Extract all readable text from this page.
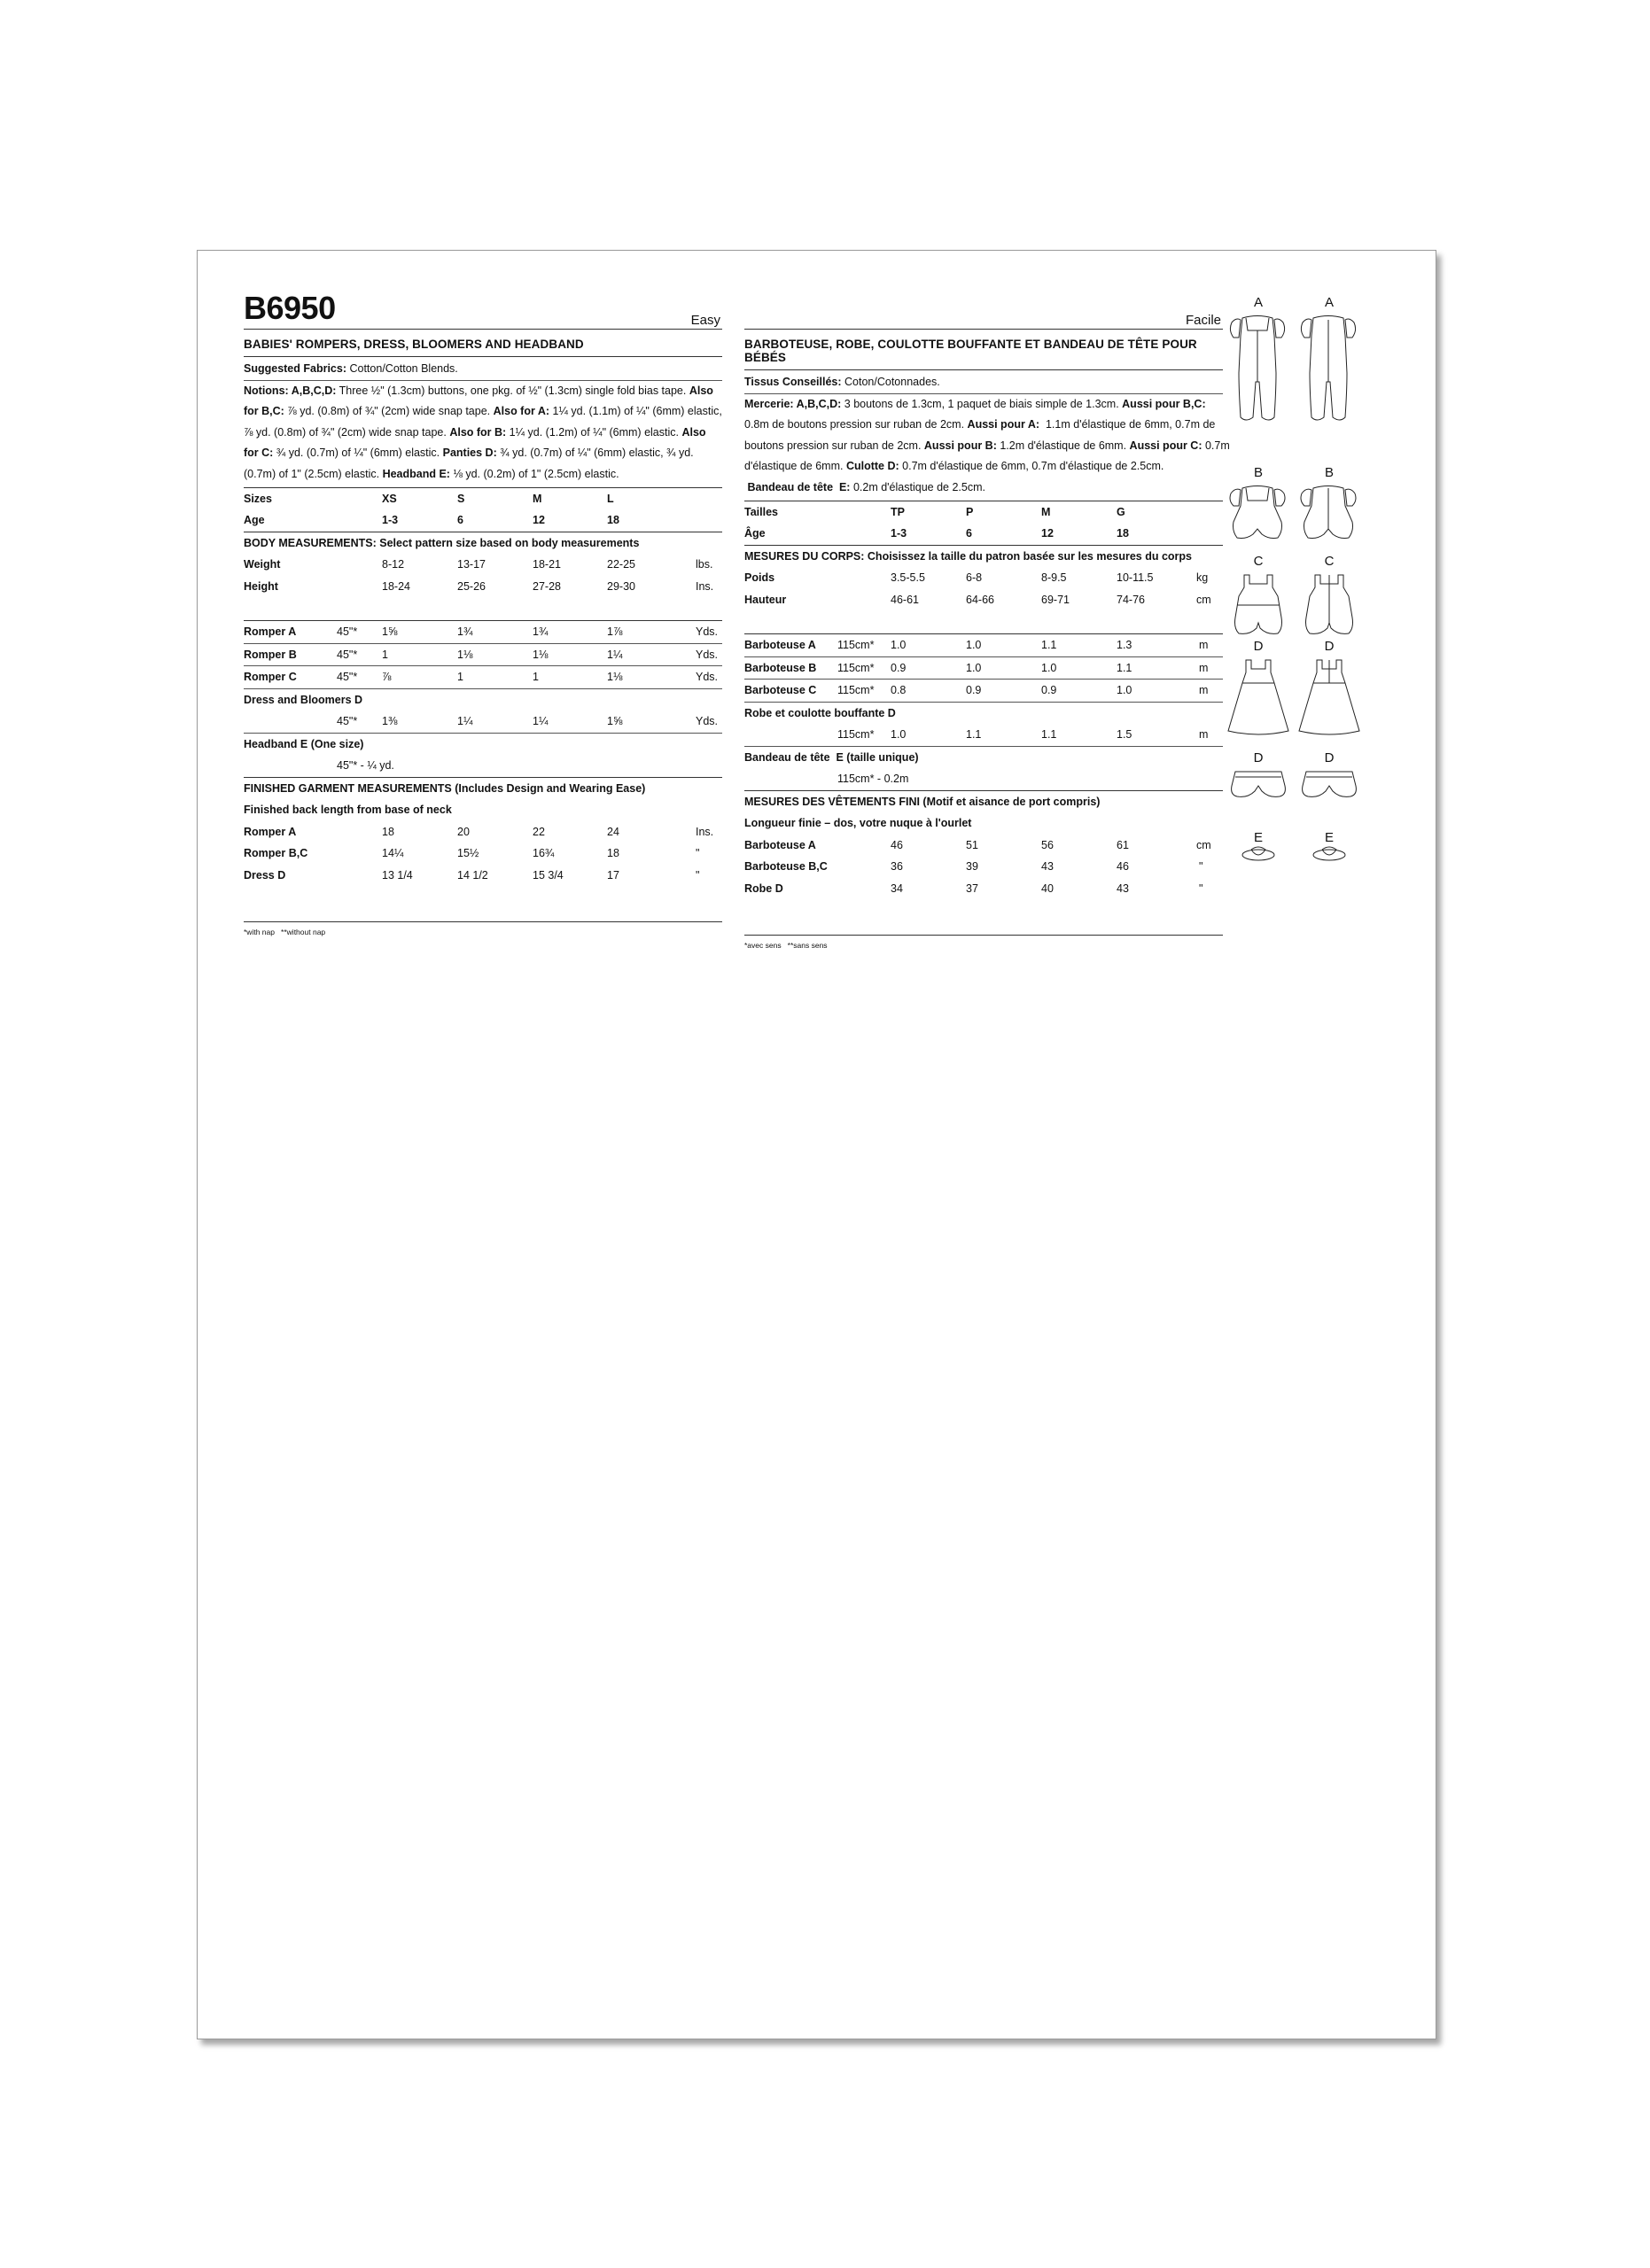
B6950	Easy
BABIES' ROMPERS, DRESS, BLOOMERS AND HEADBAND
Suggested Fabrics: Cotton/Cotton Blends.
Notions: A,B,C,D: Three ½" (1.3cm) buttons, one pkg. of ½" (1.3cm) single fold bias tape. Also
for B,C: ⅞ yd. (0.8m) of ¾" (2cm) wide snap tape. Also for A: 1¼ yd. (1.1m) of ¼" (6mm) elastic,
⅞ yd. (0.8m) of ¾" (2cm) wide snap tape. Also for B: 1¼ yd. (1.2m) of ¼" (6mm) elastic. Also
for C: ¾ yd. (0.7m) of ¼" (6mm) elastic. Panties D: ¾ yd. (0.7m) of ¼" (6mm) elastic, ¾ yd.
(0.7m) of 1" (2.5cm) elastic. Headband E: ⅛ yd. (0.2m) of 1" (2.5cm) elastic.
Sizes	XS	S	M	L
Age	1-3	6	12	18
BODY MEASUREMENTS: Select pattern size based on body measurements
Weight	8-12	13-17	18-21	22-25	lbs.
Height	18-24	25-26	27-28	29-30	Ins.
Romper A	45"* 1⅝	1¾	1¾	1⅞	Yds.
Romper B	45"* 1	1⅛	1⅛	1¼	Yds.
Romper C	45"* ⅞	1	1	1⅛	Yds.
Dress and Bloomers D
45"* 1⅜	1¼	1¼	1⅝	Yds.
Headband E (One size)
45"* - ¼ yd.
FINISHED GARMENT MEASUREMENTS (Includes Design and Wearing Ease)
Finished back length from base of neck
Romper A	18	20	22	24	Ins.
Romper B,C	14¼	15½	16¾	18	"
Dress D	13 1/4	14 1/2	15 3/4	17	"
*with nap   **without nap
Facile
BARBOTEUSE, ROBE, COULOTTE BOUFFANTE ET BANDEAU DE TÊTE POUR BÉBÉS
Tissus Conseillés: Coton/Cotonnades.
Mercerie: A,B,C,D: 3 boutons de 1.3cm, 1 paquet de biais simple de 1.3cm. Aussi pour B,C:
0.8m de boutons pression sur ruban de 2cm. Aussi pour A:  1.1m d'élastique de 6mm, 0.7m de
boutons pression sur ruban de 2cm. Aussi pour B: 1.2m d'élastique de 6mm. Aussi pour C: 0.7m
d'élastique de 6mm. Culotte D: 0.7m d'élastique de 6mm, 0.7m d'élastique de 2.5cm.
Bandeau de tête  E: 0.2m d'élastique de 2.5cm.
Tailles	TP	P	M	G
Âge	1-3	6	12	18
MESURES DU CORPS: Choisissez la taille du patron basée sur les mesures du corps
Poids	3.5-5.5	6-8	8-9.5	10-11.5	kg
Hauteur	46-61	64-66	69-71	74-76	cm
Barboteuse A 115cm* 1.0	1.0	1.1	1.3	m
Barboteuse B 115cm* 0.9	1.0	1.0	1.1	m
Barboteuse C 115cm* 0.8	0.9	0.9	1.0	m
Robe et coulotte bouffante D
115cm* 1.0	1.1	1.1	1.5	m
Bandeau de tête  E (taille unique)
115cm* - 0.2m
MESURES DES VÊTEMENTS FINI (Motif et aisance de port compris)
Longueur finie – dos, votre nuque à l'ourlet
Barboteuse A	46	51	56	61	cm
Barboteuse B,C	36	39	43	46	"
Robe D	34	37	40	43	"
*avec sens   **sans sens
A	A
B	B
C	C
D	D
D	D
E	E
